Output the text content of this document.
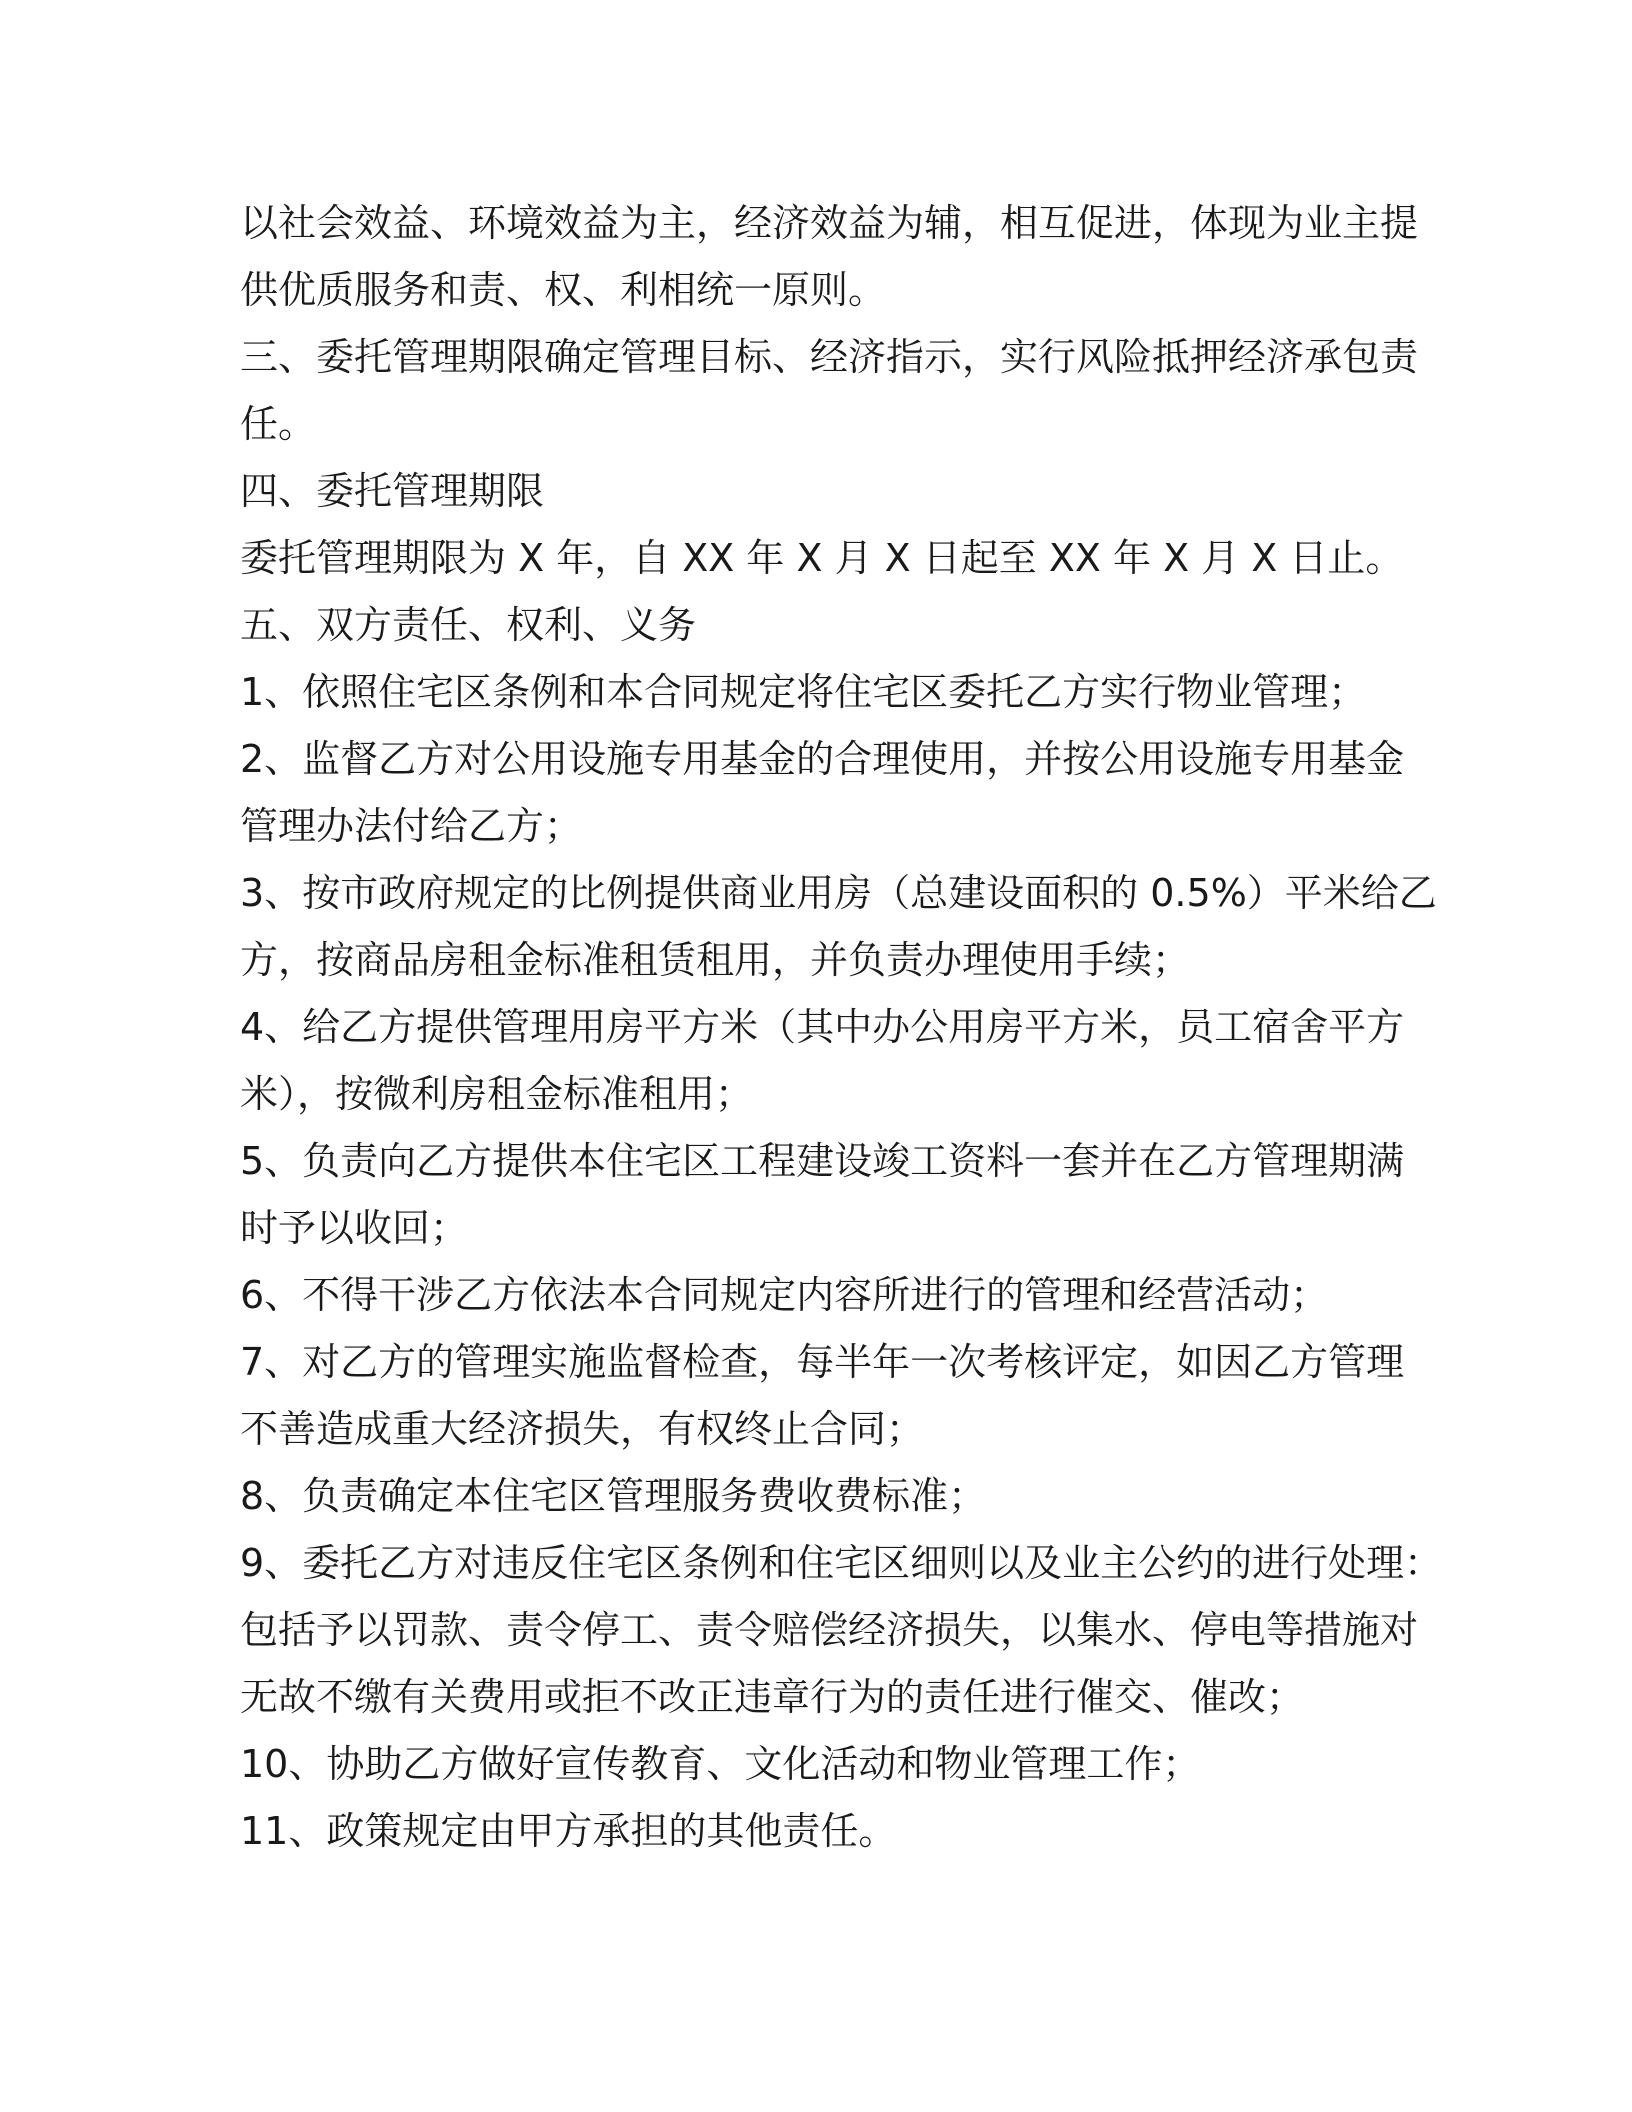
以社会效益、环境效益为主，经济效益为辅，相互促进，体现为业主提

供优质服务和责、权、利相统一原则。

三、委托管理期限确定管理目标、经济指示，实行风险抵押经济承包责

任。

四、委托管理期限

委托管理期限为 X 年，自 XX 年 X 月 X 日起至 XX 年 X 月 X 日止。

五、双方责任、权利、义务

1、依照住宅区条例和本合同规定将住宅区委托乙方实行物业管理；

2、监督乙方对公用设施专用基金的合理使用，并按公用设施专用基金

管理办法付给乙方；

3、按市政府规定的比例提供商业用房（总建设面积的 0.5%）平米给乙

方，按商品房租金标准租赁租用，并负责办理使用手续；

4、给乙方提供管理用房平方米（其中办公用房平方米，员工宿舍平方

米），按微利房租金标准租用；

5、负责向乙方提供本住宅区工程建设竣工资料一套并在乙方管理期满

时予以收回；

6、不得干涉乙方依法本合同规定内容所进行的管理和经营活动；

7、对乙方的管理实施监督检查，每半年一次考核评定，如因乙方管理

不善造成重大经济损失，有权终止合同；

8、负责确定本住宅区管理服务费收费标准；

9、委托乙方对违反住宅区条例和住宅区细则以及业主公约的进行处理：

包括予以罚款、责令停工、责令赔偿经济损失，以集水、停电等措施对

无故不缴有关费用或拒不改正违章行为的责任进行催交、催改；

10、协助乙方做好宣传教育、文化活动和物业管理工作；

11、政策规定由甲方承担的其他责任。
